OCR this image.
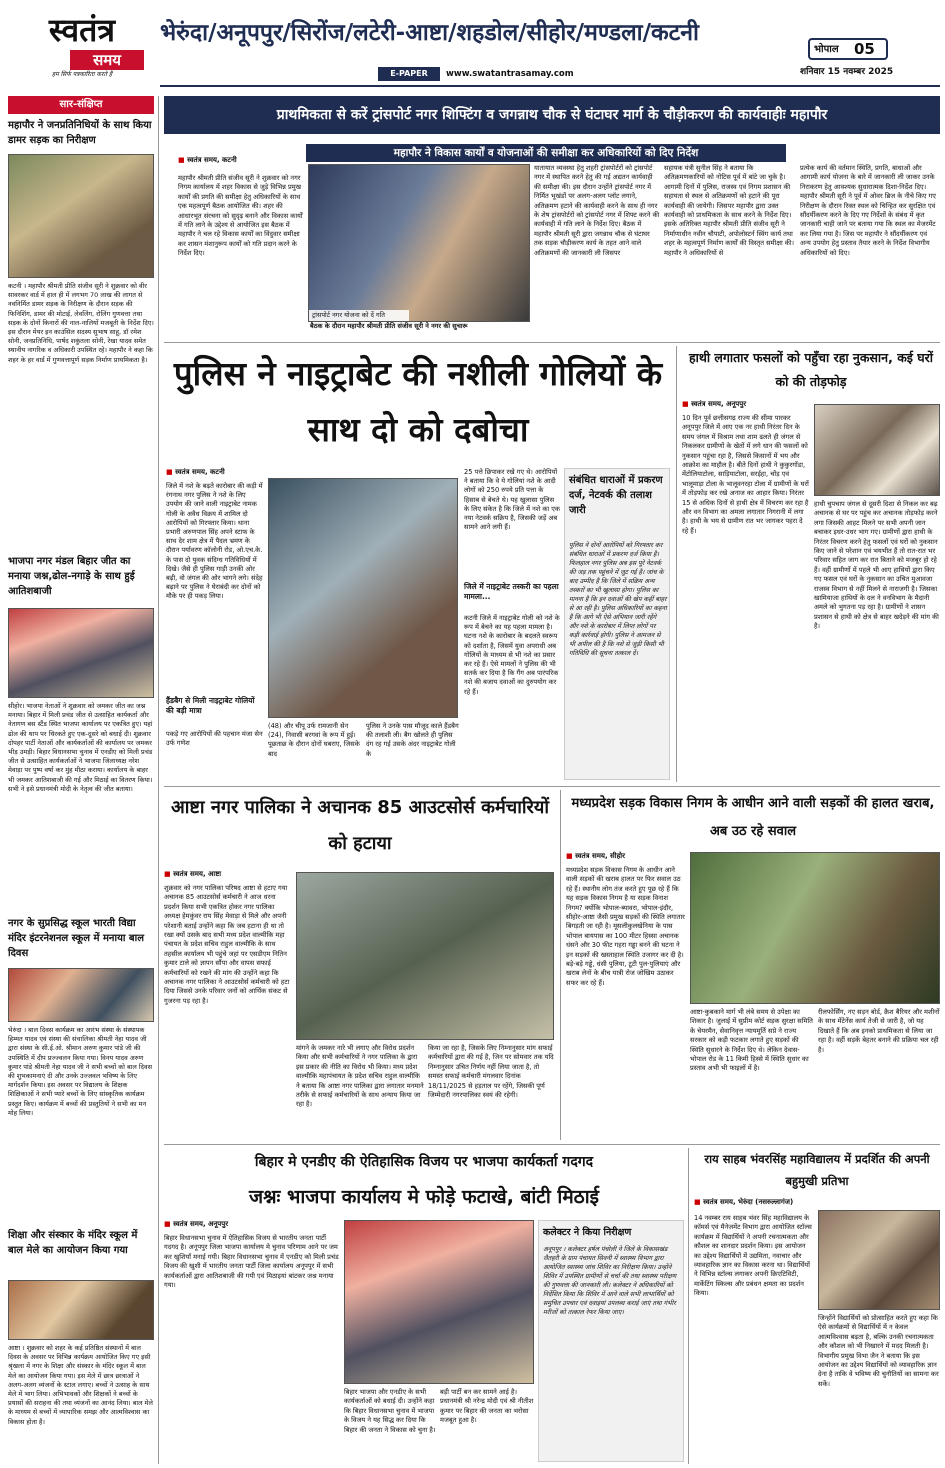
स्वतंत्र
समय
हम सिर्फ पत्रकारिता करते हैं
भेरुंदा/अनूपपुर/सिरोंज/लटेरी-आष्टा/शहडोल/सीहोर/मण्डला/कटनी
भोपाल	05
E-PAPER	www.swatantrasamay.com	शनिवार 15 नवम्बर 2025
सार-संक्षिप्त
महापौर ने जनप्रतिनिधियों के साथ किया डामर सड़क का निरीक्षण
कटनी । महापौर श्रीमती प्रीति संजीव सूरी ने शुक्रवार को वीर सावरकर वार्ड में हाल ही में लगभग 70 लाख की लागत से नवनिर्मित डामर सड़क के निरीक्षण के दौरान सड़क की फिनिशिंग, डामर की मोटाई, लेवलिंग, रोलिंग गुणवत्ता तथा सड़क के दोनों किनारों की नाल-नालियों मजबूती के निर्देश दिए। इस दौरान मेयर इन काउंसिल सदस्य सुभाष साहू, डॉ रमेश सोनी, जनप्रतिनिधि, पार्षद शकुंतला सोनी, रेखा यादव समेत स्थानीय नागरिक व अधिकारी उपस्थित रहे। महापौर ने कहा कि शहर के हर वार्ड में गुणवत्तापूर्ण सड़क निर्माण प्राथमिकता है।
भाजपा नगर मंडल बिहार जीत का मनाया जश्न,ढोल-नगाड़े के साथ हुई आतिशबाजी
सीहोर। भाजपा नेताओं ने शुक्रवार को जमकर जीत का जश्न मनाया। बिहार में मिली प्रचंड जीत से उत्साहित कार्यकर्ता और नेतागण बस स्टैंड स्थित भाजपा कार्यालय पर एकत्रित हुए। यहां ढोल की थाप पर थिरकते हुए एक-दूसरे को बधाई दी। शुक्रवार दोपहर पार्टी नेताओं और कार्यकर्ताओं की कार्यालय पर जमकर भीड़ उमड़ी। बिहार विधानसभा चुनाव में एनडीए को मिली प्रचंड जीत से उत्साहित कार्यकर्ताओं ने भाजपा जिलाध्यक्ष नरेश मेवाड़ा पर पुष्प वर्षा कर मुंह मीठा कराया। कार्यालय के बाहर भी जमकर आतिशबाजी की गई और मिठाई का वितरण किया। सभी ने इसे प्रधानमंत्री मोदी के नेतृत्व की जीत बताया।
नगर के सुप्रसिद्ध स्कूल भारती विद्या मंदिर इंटरनेशनल स्कूल में मनाया बाल दिवस
भेरुंदा । बाल दिवस कार्यक्रम का आरंभ संस्था के संस्थापक हिम्मत यादव एवं संस्था की संचालिका श्रीमती नेहा यादव जी द्वारा संस्था के सी.ई.ओ. श्रीमान अरुण कुमार पांडे जी की उपस्थिति में दीप प्रज्ज्वलन किया गया। विनय यादव अरुण कुमार पांडे श्रीमती नेहा यादव जी ने सभी बच्चों को बाल दिवस की शुभकामनाएं दी और उनके उज्जवल भविष्य के लिए मार्गदर्शन किया। इस अवसर पर विद्यालय के शिक्षक शिक्षिकाओं ने सभी प्यारे बच्चों के लिए सांस्कृतिक कार्यक्रम प्रस्तुत किए। कार्यक्रम में बच्चों की प्रस्तुतियों ने सभी का मन मोह लिया।
शिक्षा और संस्कार के मंदिर स्कूल में बाल मेले का आयोजन किया गया
आष्टा । शुक्रवार को शहर के कई प्रतिष्ठित संस्थानों में बाल दिवस के अवसर पर विभिन्न कार्यक्रम आयोजित किए गए इसी श्रृंखला में नगर के शिक्षा और संस्कार के मंदिर स्कूल में बाल मेले का आयोजन किया गया। इस मेले में छात्र छात्राओं ने अलग-अलग व्यंजनों के स्टाल लगाए। बच्चों ने उत्साह के साथ मेले में भाग लिया। अभिभावकों और शिक्षकों ने बच्चों के प्रयासों की सराहना की तथा व्यंजनों का आनंद लिया। बाल मेले के माध्यम से बच्चों में व्यापारिक समझ और आत्मविश्वास का विकास होता है।
प्राथमिकता से करें ट्रांसपोर्ट नगर शिफ्टिंग व जगन्नाथ चौक से घंटाघर मार्ग के चौड़ीकरण की कार्यवाहीः महापौर
महापौर ने विकास कार्यों व योजनाओं की समीक्षा कर अधिकारियों को दिए निर्देश
■ स्वतंत्र समय, कटनी
महापौर श्रीमती प्रीति संजीव सूरी ने शुक्रवार को नगर निगम कार्यालय में शहर विकास से जुड़े विभिन्न प्रमुख कार्यों की प्रगति की समीक्षा हेतु अधिकारियों के साथ एक महत्वपूर्ण बैठक आयोजित की। शहर की आधारभूत संरचना को सुदृढ़ बनाने और विकास कार्यों में गति लाने के उद्देश्य से आयोजित इस बैठक में महापौर ने चल रहे विकास कार्यों का विंदुवार समीक्षा कर शासन मंशानुरूप कार्यों को गति प्रदान करने के निर्देश दिए।
ट्रांसपोर्ट नगर योजना को दें गति
बैठक के दौरान महापौर श्रीमती प्रीति संजीव सूरी ने नगर की सुचारू
यातायात व्यवस्था हेतु शहरी ट्रांसपोर्टरों को ट्रांसपोर्ट नगर में स्थापित करने हेतु की गई अद्यतन कार्यवाही की समीक्षा की। इस दौरान उन्होंने ट्रांसपोर्ट नगर में निर्मित भूखंडों पर अलग-अलग प्लॉट लगाने, अतिक्रमण हटाने की कार्यवाही करने के साथ ही नगर के शेष ट्रांसपोर्टरों को ट्रांसपोर्ट नगर में शिफ्ट करने की कार्यवाही में गति लाने के निर्देश दिए। बैठक में महापौर श्रीमती सूरी द्वारा जगन्नाथ चौक से घंटाघर तक सड़क चौड़ीकरण कार्य के तहत आने वाले अतिक्रमणों की जानकारी ली जिसपर
सहायक यंत्री सुनील सिंह ने बताया कि अतिक्रमणकारियों को नोटिस पूर्व में बांटे जा चुके है। आगामी दिनों में पुलिस, राजस्व एवं निगम प्रशासन की सहायता से स्थल से अतिक्रमणों को हटाने की पूरा कार्यवाही की जायेगी। जिसपर महापौर द्वारा उक्त कार्यवाही को प्राथमिकता के साथ करने के निर्देश दिए। इसके अतिरिक्त महापौर श्रीमती प्रीति संजीव सूरी ने निर्माणाधीन नवीन चौपाटी, अपोलोस्टर्न स्विंग कार्य तथा शहर के महत्वपूर्ण निर्माण कार्यों की विस्तृत समीक्षा की। महापौर ने अधिकारियों से
प्रत्येक कार्य की वर्तमान स्थिति, प्रगति, बाधाओं और आगामी कार्य योजना के बारे में जानकारी ली जाकर उनके निराकरण हेतु आवश्यक सुधारात्मक दिशा-निर्देश दिए। महापौर श्रीमती सूरी ने पूर्व में ओवर ब्रिज के नीचे किए गए निरीक्षण के दौरान रिक्त स्थल को चिन्हित कर सुरक्षित एवं सौंदर्यीकरण करने के दिए गए निर्देशों के संबंध में कृत जानकारी चाही जाने पर बताया गया कि स्थल का मेजरमेंट कर लिया गया है। जिस पर महापौर ने सौंदर्यीकरण एवं अन्य उपयोग हेतु प्रस्ताव तैयार करने के निर्देश विभागीय अधिकारियों को दिए।
पुलिस ने नाइट्राबेट की नशीली गोलियों के साथ दो को दबोचा
■ स्वतंत्र समय, कटनी
जिले में नशे के बढ़ते कारोबार की कड़ी में रंगनाथ नगर पुलिस ने नशे के लिए उपयोग की जाने वाली नाइट्राबेट नामक गोली के अवैध विक्रय में शामिल दो आरोपियों को गिरफ्तार किया। थाना प्रभारी अरुणपाल सिंह अपने स्टाफ के साथ देर शाम क्षेत्र में पैदल भ्रमण के दौरान पर्यावरण कॉलोनी रोड, ओ.एच.के. के पास दो युवक संदिग्ध गतिविधियों में दिखे। जैसे ही पुलिस गाड़ी उनकी ओर बढ़ी, वो जंगल की ओर भागने लगे। संदेह बढ़ाने पर पुलिस ने घेराबंदी कर दोनों को मौके पर ही पकड़ लिया।
हैंडबैग से मिली नाइट्राबेट गोलियों की बड़ी मात्रा
पकड़े गए आरोपियों की पहचान मंजा सेन उर्फ गणेश
(48) और चीपू उर्फ रामजानी सेन (24), निवासी बरगवां के रूप में हुई। पूछताछ के दौरान दोनों घबराए, जिसके बाद
पुलिस ने उनके पास मौजूद काले हैंडबैग की तलाशी ली। बैग खोलते ही पुलिस दंग रह गई उसके अंदर नाइट्राबेट गोली के
25 पत्ते छिपाकर रखे गए थे। आरोपियों ने बताया कि वे ये गोलियां नशे के आदी लोगों को 250 रुपये प्रति पत्ता के हिसाब से बेचते थे। यह खुलासा पुलिस के लिए संकेत है कि जिले में नशे का एक नया नेटवर्क सक्रिय है, जिसकी जड़ें अब सामने आने लगी हैं।
जिले में नाइट्राबेट तस्करी का पहला मामला...
कटनी जिले में नाइट्राबेट गोली को नशे के रूप में बेचने का यह पहला मामला है। घटना नशे के कारोबार के बदलते स्वरूप को दर्शाता है, जिसमें युवा अपराधी अब गोलियों के माध्यम से भी नशे का प्रसार कर रहे हैं। ऐसे मामलों ने पुलिस की भी सतर्क कर दिया है कि गैंग अब पारंपरिक नशे की बजाय दवाओं का दुरुपयोग कर रहे हैं।
संबंधित धाराओं में प्रकरण दर्ज, नेटवर्क की तलाश जारी
पुलिस ने दोनों आरोपियों को गिरफ्तार कर संबंधित धाराओं में प्रकरण दर्ज किया है। फिलहाल नगर पुलिस अब इस पूरे नेटवर्क की जड़ तक पहुंचने में जुट गई है। जांच के बाद उम्मीद है कि जिले में सक्रिय अन्य तस्करों का भी खुलासा होगा। पुलिस का मानना है कि इन दवाओं की खेप कहीं बाहर से आ रही है। पुलिस अधिकारियों का कहना है कि आगे भी ऐसे अभियान जारी रहेंगे और नशे के कारोबार में लिप्त लोगों पर कड़ी कार्रवाई होगी। पुलिस ने आमजन से भी अपील की है कि नशे से जुड़ी किसी भी गतिविधि की सूचना तत्काल दें।
हाथी लगातार फसलों को पहुँचा रहा नुकसान, कई घरों को की तोड़फोड़
■ स्वतंत्र समय, अनूपपुर
10 दिन पूर्व छत्तीसगढ़ राज्य की सीमा पारकर अनूपपुर जिले में आए एक नर हाथी निरंतर दिन के समय जंगल में विश्राम तथा शाम ढलते ही जंगल से निकलकर ग्रामीणों के खेतों में लगे धान की फसलों को नुकसान पहुंचा रहा है, जिससे किसानों में भय और आक्रोश का माहौल है। बीते दिनों हाथी ने कुकुरगोंडा, मेंटोलियाटोला, साड़ियाटोला, सरईहा, चोंड़ एवं भालूमाड़ा टोला के भालूवनरहा टोला में ग्रामीणों के घरों में तोड़फोड़ कर रखे अनाज का आहार किया। निरंतर 15 से अधिक दिनों से हाथी क्षेत्र में विचरण कर रहा है और वन विभाग का अमला लगातार निगरानी में लगा है। हाथी के भय से ग्रामीण रात भर जागकर पहरा दे रहे हैं।
हाथी चुपचाप जंगल से दूसरी दिशा से निकल कर बढ़ अचानक से घर पर पहुंच कर अचानक तोड़फोड़ करने लगा जिसकी आहट मिलने पर सभी अपनी जान बचाकर इधर-उधर भाग गए। ग्रामीणों द्वारा हाथी के निरंतर विचरण करने हेतु फसलों एवं घरों को नुकसान किए जाने से परेशान एवं भयभीत हैं तो रात-रात भर परिवार सहित जाग कर रात बिताने को मजबूर हो रहे हैं। वहीं ग्रामीणों में पहले भी आए हाथियों द्वारा किए गए फसल एवं घरों के नुकसान का उचित मुआवजा राजस्व विभाग से नहीं मिलने से नाराजगी है। जिसका खामियाजा हाथियों के दल ने वनविभाग के मैदानी अमले को भुगतना पड़ रहा है। ग्रामीणों ने शासन प्रशासन से हाथी को क्षेत्र से बाहर खदेड़ने की मांग की है।
आष्टा नगर पालिका ने अचानक 85 आउटसोर्स कर्मचारियों को हटाया
■ स्वतंत्र समय, आष्टा
शुक्रवार को नगर पालिका परिषद आष्टा से हटाए गया अचानक 85 आउटसोर्स कर्मचारी ने आज धरना प्रदर्शन किया सभी एकत्रित होकर नगर पालिका अध्यक्ष हेमकुंवर राय सिंह मेवाड़ा से मिले और अपनी परेशानी बताई उन्होंने कहा कि जब हटाना ही था तो रखा क्यों उसके बाद सभी मध्य प्रदेश वाल्मीकि महा पंचायत के प्रदेश सचिव राहुल वाल्मीकि के साथ तहसील कार्यालय भी पहुंचे जहां पर एसडीएम नितिन कुमार टाले को ज्ञापन सौंपा और वापस सफाई कर्मचारियों को रखने की मांग की उन्होंने कहा कि अचानक नगर पालिका ने आउटसोर्स कर्मचारी को हटा दिया जिससे उनके परिवार जनों को आर्थिक संकट से गुजरना पड़ रहा है।
मांगने के जमकर नारे भी लगाए और विरोध प्रदर्शन किया और सभी कर्मचारियों ने नगर पालिका के द्वारा इस प्रकार की नीति का विरोध भी किया। मध्य प्रदेश वाल्मीकि महापंचायत के प्रदेश सचिव राहुल वाल्मीकि ने बताया कि आष्टा नगर पालिका द्वारा लगातार मनमाने तरीके से सफाई कर्मचारियों के साथ अन्याय किया जा रहा है।
किया जा रहा है, जिसके लिए निम्नानुसार मांग सफाई कर्मचारियों द्वारा की गई है, जिन पर सोमवार तक यदि निम्नानुसार उचित निर्णय नहीं लिया जाता है, तो समस्त सफाई कर्मचारी मंगलवार दिनांक 18/11/2025 से हड़ताल पर रहेंगे, जिसकी पूर्ण जिम्मेदारी नगरपालिका स्वयं की रहेगी।
मध्यप्रदेश सड़क विकास निगम के आधीन आने वाली सड़कों की हालत खराब, अब उठ रहे सवाल
■ स्वतंत्र समय, सीहोर
मध्यप्रदेश सड़क विकास निगम के आधीन आने वाली सड़कों की खराब हालत पर फिर सवाल उठ रहे हैं। स्थानीय लोग तंज करते हुए पूछ रहे हैं कि यह सड़क विकास निगम है या सड़क विनाश निगम? क्योंकि भोपाल-ब्यावरा, भोपाल-इंदौर, सीहोर-आष्टा जैसी प्रमुख सड़कों की स्थिति लगातार बिगड़ती जा रही है। मूसलीकुलखेनिया के पास भोपाल बायपास का 100 मीटर हिस्सा अचानक धंसने और 30 फीट गहरा गड्ढा बनने की घटना ने इन सड़कों की खस्ताहाल स्थिति उजागर कर दी है। बड़े-बड़े गड्ढे, धंसी पुलिया, टूटी पुल-पुलियाएं और खराब लेनों के बीच यात्री रोज जोखिम उठाकर सफर कर रहे हैं।
आष्टा-कुबकाने मार्ग भी लंबे समय से उपेक्षा का शिकार है। जुलाई में सुप्रीम कोर्ट सड़क सुरक्षा समिति के चेयरमैन, सेवानिवृत्त न्यायमूर्ति सप्रे ने राज्य सरकार को कड़ी फटकार लगाते हुए सड़कों की स्थिति सुधारने के निर्देश दिए थे। लेकिन देवास-भोपाल रोड के 11 किमी हिस्से में स्थिति सुधार का प्रस्ताव अभी भी फाइलों में है।
रीलफोर्सिंग, नए सड़न बोर्ड, क्रैश बैरियर और मशीनों के साथ मेंटेनेंस कार्य तेजी से जारी है, जो यह दिखाते हैं कि अब इनको प्राथमिकता से लिया जा रहा है। वहीं सड़कें बेहतर बनाने की प्रक्रिया चल रही है।
बिहार मे एनडीए की ऐतिहासिक विजय पर भाजपा कार्यकर्ता गदगद
जश्नः भाजपा कार्यालय मे फोड़े फटाखे, बांटी मिठाई
■ स्वतंत्र समय, अनूपपुर
बिहार विधानसभा चुनाव में ऐतिहासिक विजय से भारतीय जनता पार्टी गदगद है। अनूपपुर जिला भाजपा कार्यालय मे चुनाव परिणाम आने पर जम कर खुशियाँ मनाई गयी। बिहार विधानसभा चुनाव में एनडीए को मिली प्रचंड विजय की खुशी में भारतीय जनता पार्टी जिला कार्यालय अनूपपुर में सभी कार्यकर्ताओं द्वारा आतिशबाजी की गयी एवं मिठाइयां बांटकर जश्न मनाया गया।
बिहार भाजपा और एनडीए के सभी कार्यकर्ताओं को बधाई दी। उन्होंने कहा कि बिहार विधानसभा चुनाव में भाजपा के विजय ने यह सिद्ध कर दिया कि बिहार की जनता ने विकास को चुना है।
बड़ी पार्टी बन कर सामने आई है। प्रधानमंत्री श्री नरेन्द्र मोदी एवं श्री नीतीश कुमार पर बिहार की जनता का भरोसा मजबूत हुआ है।
कलेक्टर ने किया निरीक्षण
अनूपपुर । कलेक्टर हर्षल पंचोली ने जिले के विकासखंड जैतहरी के ग्राम पंचायत सिवनी में स्वास्थ्य विभाग द्वारा आयोजित स्वास्थ्य जांच शिविर का निरीक्षण किया। उन्होंने शिविर में उपस्थित ग्रामीणों से चर्चा की तथा स्वास्थ्य परीक्षण की गुणवत्ता की जानकारी ली। कलेक्टर ने अधिकारियों को निर्देशित किया कि शिविर में आने वाले सभी लाभार्थियों को समुचित उपचार एवं दवाइयां उपलब्ध कराई जाएं तथा गंभीर मरीजों को तत्काल रेफर किया जाए।
राय साहब भंवरसिंह महाविद्यालय में प्रदर्शित की अपनी बहुमुखी प्रतिभा
■ स्वतंत्र समय, भेरुंदा (नसरुल्लागंज)
14 नवम्बर राय साहब भंवर सिंह महाविद्यालय के कॉमर्स एवं मैनेजमेंट विभाग द्वारा आयोजित स्टॉल्स कार्यक्रम में विद्यार्थियों ने अपनी रचनात्मकता और कौशल का शानदार प्रदर्शन किया। इस आयोजन का उद्देश्य विद्यार्थियों में उद्यमिता, नवाचार और व्यावहारिक ज्ञान का विकास करना था। विद्यार्थियों ने विभिन्न स्टॉल्स लगाकर अपनी क्रिएटिविटी, मार्केटिंग स्किल्स और प्रबंधन क्षमता का प्रदर्शन किया।
जिन्होंने विद्यार्थियों को प्रोत्साहित करते हुए कहा कि ऐसे कार्यक्रमों से विद्यार्थियों में न केवल आत्मविश्वास बढ़ता है, बल्कि उनकी रचनात्मकता और कौशल को भी निखारने में मदद मिलती है। विभागीय प्रमुख विभा जैन ने बताया कि इस आयोजन का उद्देश्य विद्यार्थियों को व्यावहारिक ज्ञान देना है ताकि वे भविष्य की चुनौतियों का सामना कर सकें।
